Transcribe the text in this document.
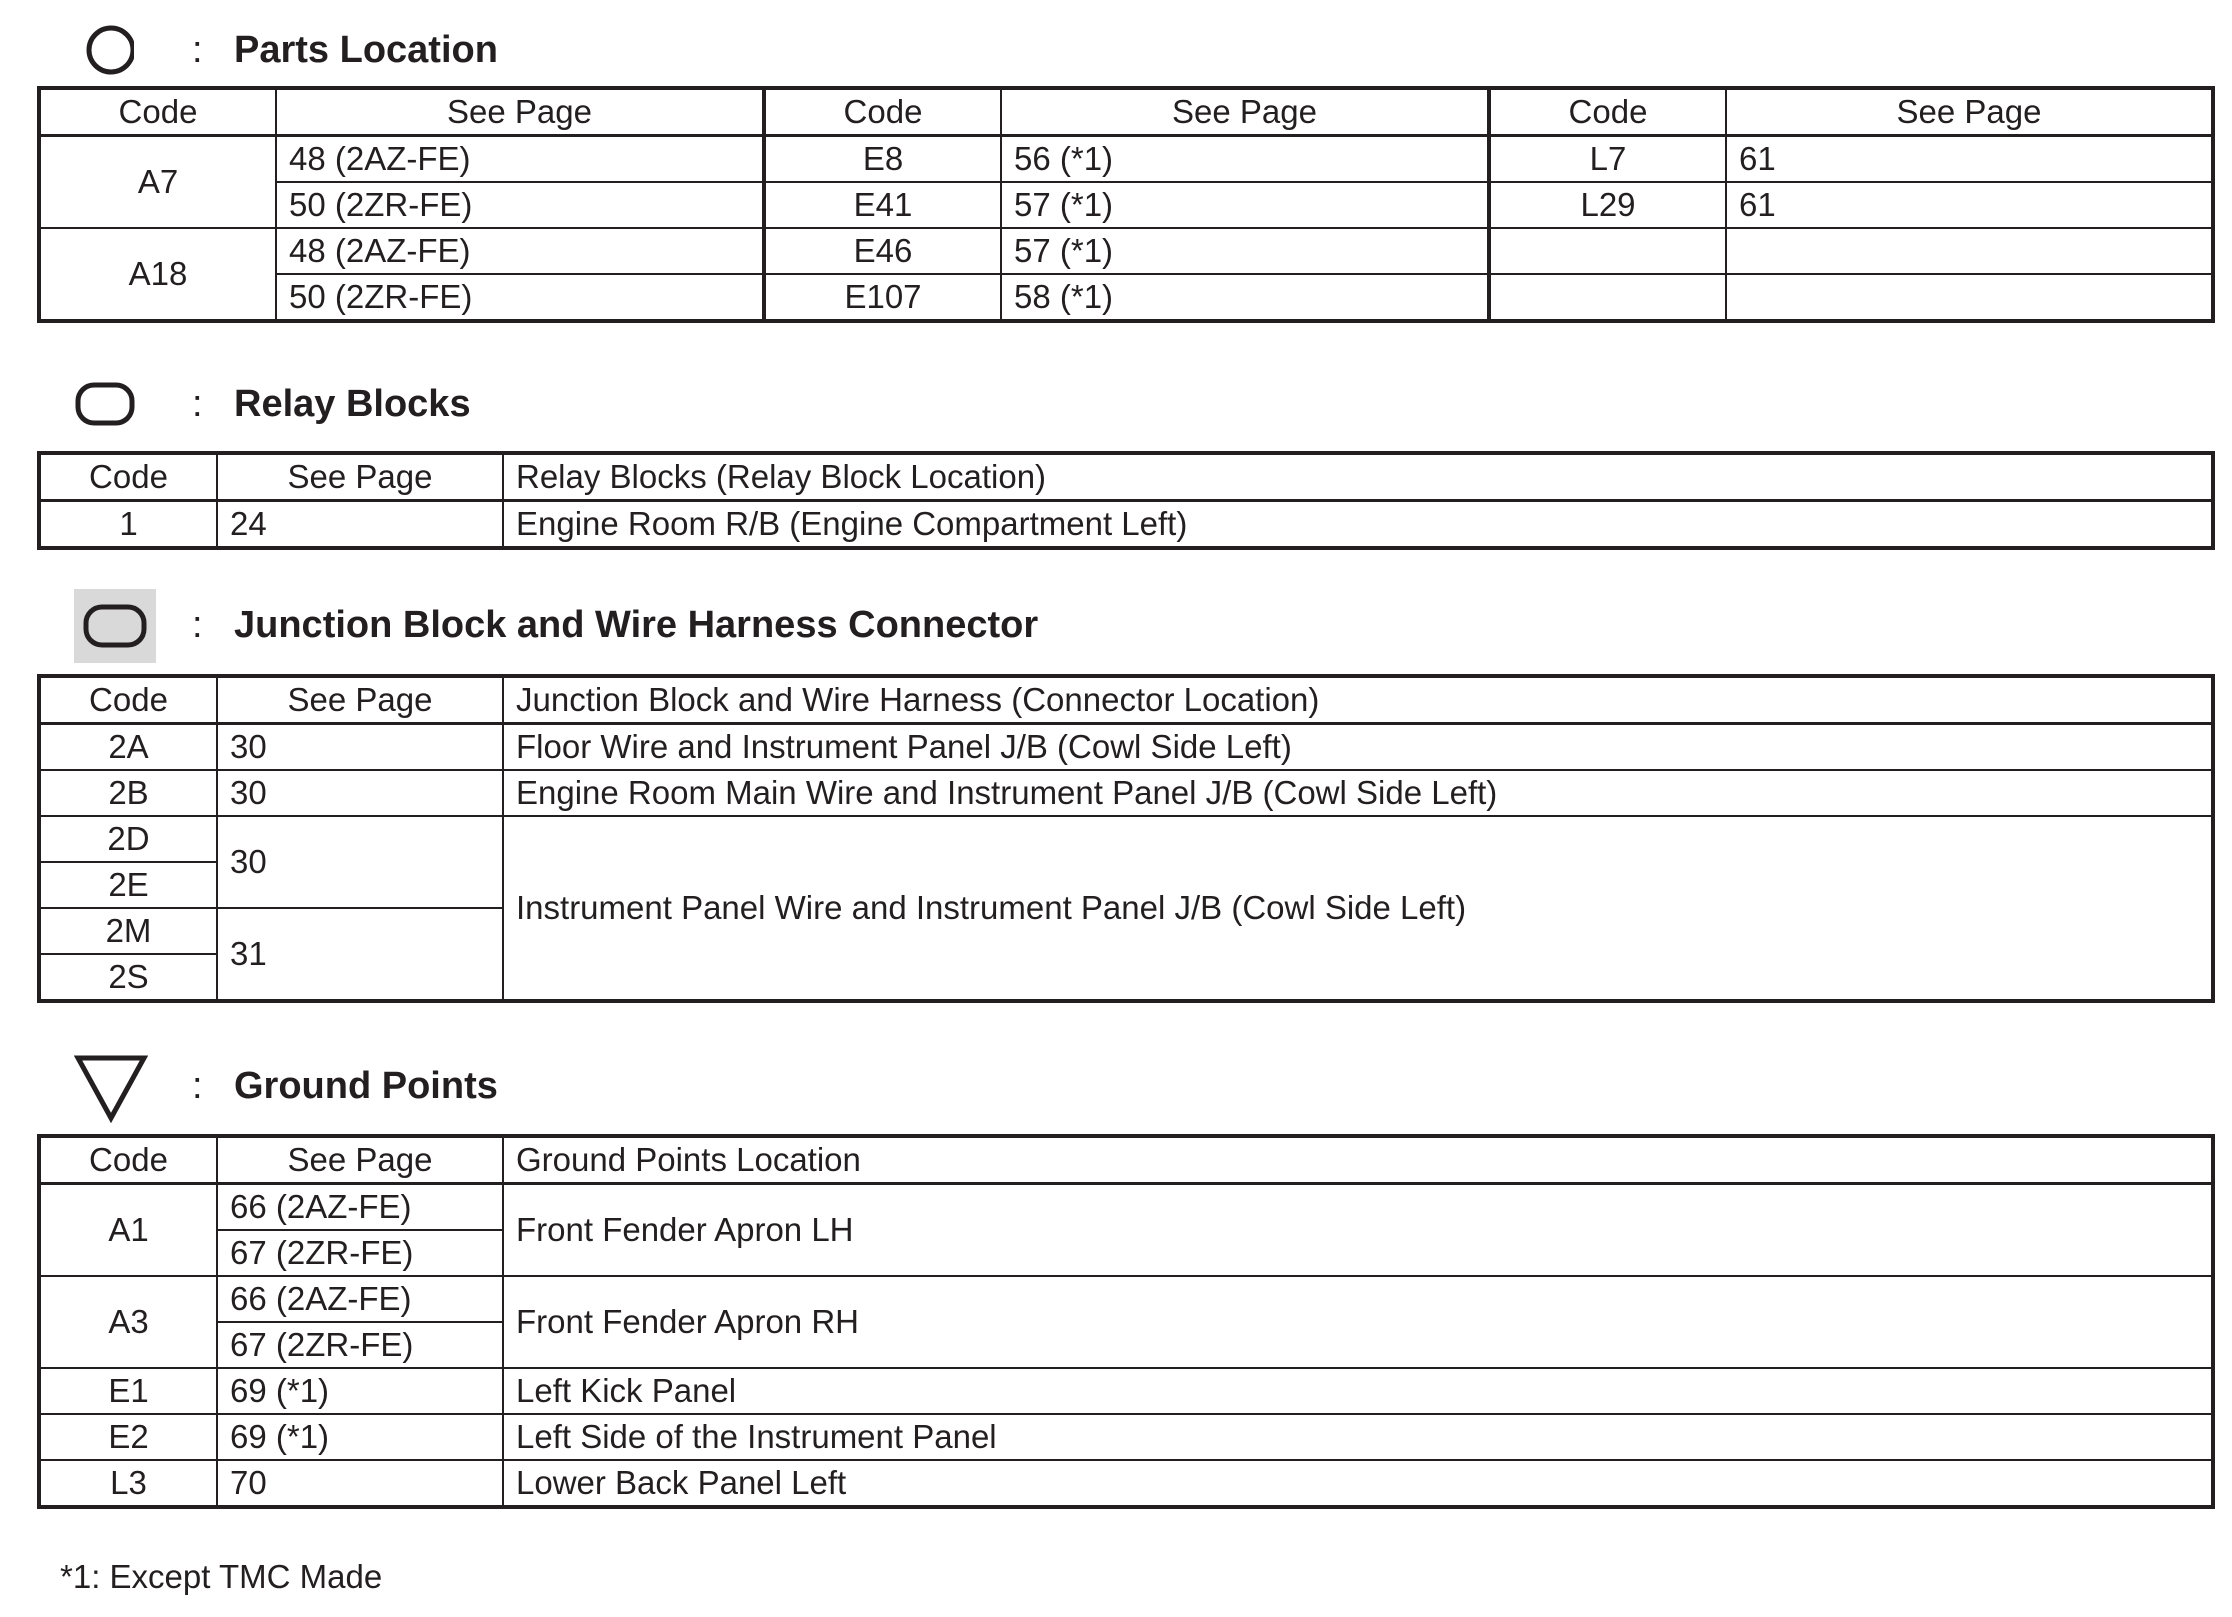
: Parts Location
Code	See Page	Code	See Page	Code	See Page
A7	48 (2AZ-FE)	E8	56 (*1)	L7	61
	50 (2ZR-FE)	E41	57 (*1)	L29	61
A18	48 (2AZ-FE)	E46	57 (*1)		
	50 (2ZR-FE)	E107	58 (*1)		
: Relay Blocks
Code	See Page	Relay Blocks (Relay Block Location)
1	24	Engine Room R/B (Engine Compartment Left)
: Junction Block and Wire Harness Connector
Code	See Page	Junction Block and Wire Harness (Connector Location)
2A	30	Floor Wire and Instrument Panel J/B (Cowl Side Left)
2B	30	Engine Room Main Wire and Instrument Panel J/B (Cowl Side Left)
2D	30	Instrument Panel Wire and Instrument Panel J/B (Cowl Side Left)
2E		
2M	31	
2S		
: Ground Points
Code	See Page	Ground Points Location
A1	66 (2AZ-FE)	Front Fender Apron LH
	67 (2ZR-FE)	
A3	66 (2AZ-FE)	Front Fender Apron RH
	67 (2ZR-FE)	
E1	69 (*1)	Left Kick Panel
E2	69 (*1)	Left Side of the Instrument Panel
L3	70	Lower Back Panel Left
*1: Except TMC Made
